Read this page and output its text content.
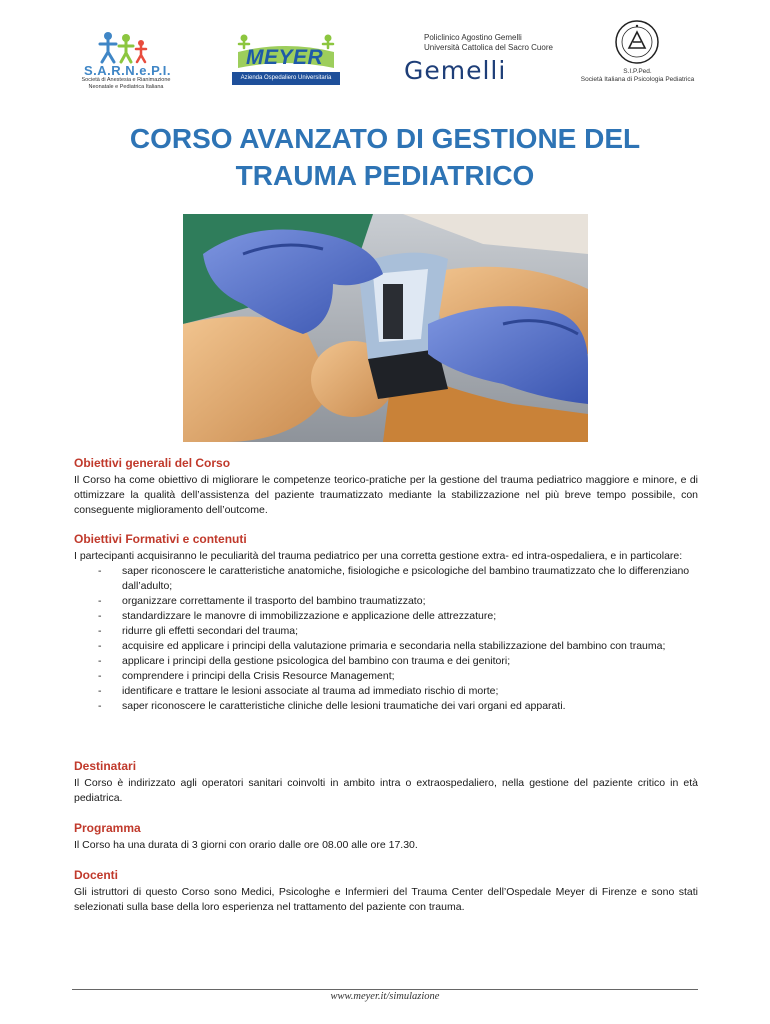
S.A.R.N.e.P.I.
Società di Anestesia e Rianimazione Neonatale e Pediatrica Italiana
MEYER
Azienda Ospedaliero Universitaria
Policlinico Agostino Gemelli
Università Cattolica del Sacro Cuore
Gemelli	S.I.P.Ped.
Società Italiana di Psicologia Pediatrica
CORSO AVANZATO DI GESTIONE DEL
TRAUMA PEDIATRICO
Obiettivi generali del Corso

Il Corso ha come obiettivo di migliorare le competenze teorico-pratiche per la gestione del trauma pediatrico maggiore e minore, e di ottimizzare la qualità dell’assistenza del paziente traumatizzato mediante la stabilizzazione nel più breve tempo possibile, con conseguente miglioramento dell’outcome.

Obiettivi Formativi e contenuti

I partecipanti acquisiranno le peculiarità del trauma pediatrico per una corretta gestione extra- ed intra-ospedaliera, e in particolare:

- saper riconoscere le caratteristiche anatomiche, fisiologiche e psicologiche del bambino traumatizzato che lo differenziano dall’adulto;
- organizzare correttamente il trasporto del bambino traumatizzato;
- standardizzare le manovre di immobilizzazione e applicazione delle attrezzature;
- ridurre gli effetti secondari del trauma;
- acquisire ed applicare i principi della valutazione primaria e secondaria nella stabilizzazione del bambino con trauma;
- applicare i principi della gestione psicologica del bambino con trauma e dei genitori;
- comprendere i principi della Crisis Resource Management;
- identificare e trattare le lesioni associate al trauma ad immediato rischio di morte;
- saper riconoscere le caratteristiche cliniche delle lesioni traumatiche dei vari organi ed apparati.
Destinatari

Il Corso è indirizzato agli operatori sanitari coinvolti in ambito intra o extraospedaliero, nella gestione del paziente critico in età pediatrica.

Programma

Il Corso ha una durata di 3 giorni con orario dalle ore 08.00 alle ore 17.30.

Docenti

Gli istruttori di questo Corso sono Medici, Psicologhe e Infermieri del Trauma Center dell’Ospedale Meyer di Firenze e sono stati selezionati sulla base della loro esperienza nel trattamento del paziente con trauma.

www.meyer.it/simulazione
